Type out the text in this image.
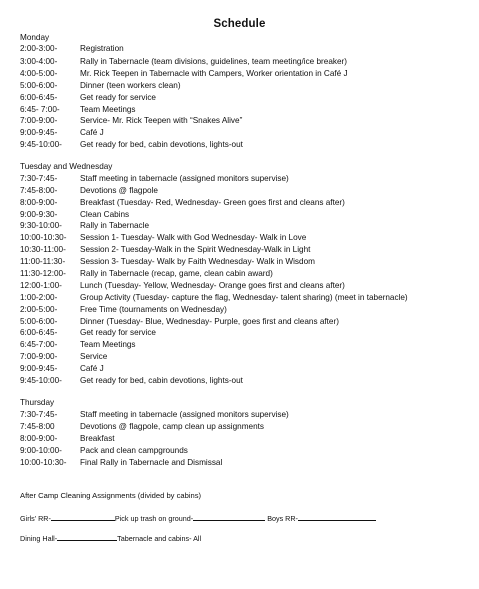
Schedule
Monday
After Camp Cleaning Assignments (divided by cabins)
Girls’ RR-	Pick up trash on ground-	Boys RR-
Dining Hall-	Tabernacle and cabins- All
2:00-3:00-	Registration
3:00-4:00-	Rally in Tabernacle (team divisions, guidelines, team meeting/ice breaker)
4:00-5:00-	Mr. Rick Teepen in Tabernacle with Campers, Worker orientation in Café J
5:00-6:00-	Dinner (teen workers clean)
6:00-6:45-	Get ready for service
6:45- 7:00- Team Meetings
7:00-9:00-	Service- Mr. Rick Teepen with “Snakes Alive”
9:00-9:45-	Café J
9:45-10:00- Get ready for bed, cabin devotions, lights-out
Tuesday and Wednesday
7:30-7:45-	Staff meeting in tabernacle (assigned monitors supervise)
7:45-8:00-	Devotions @ flagpole
8:00-9:00-	Breakfast (Tuesday- Red, Wednesday- Green goes first and cleans after)
9:00-9:30-	Clean Cabins
9:30-10:00- Rally in Tabernacle
10:00-10:30- Session 1- Tuesday- Walk with God Wednesday- Walk in Love
10:30-11:00- Session 2- Tuesday-Walk in the Spirit Wednesday-Walk in Light
11:00-11:30- Session 3- Tuesday- Walk by Faith Wednesday- Walk in Wisdom
11:30-12:00- Rally in Tabernacle (recap, game, clean cabin award)
12:00-1:00- Lunch (Tuesday- Yellow, Wednesday- Orange goes first and cleans after)
1:00-2:00-	Group Activity (Tuesday- capture the flag, Wednesday- talent sharing) (meet in tabernacle)
2:00-5:00-	Free Time (tournaments on Wednesday)
5:00-6:00-	Dinner (Tuesday- Blue, Wednesday- Purple, goes first and cleans after)
6:00-6:45-	Get ready for service
6:45-7:00-	Team Meetings
7:00-9:00-	Service
9:00-9:45-	Café J
9:45-10:00- Get ready for bed, cabin devotions, lights-out
Thursday
7:30-7:45-	Staff meeting in tabernacle (assigned monitors supervise)
7:45-8:00	Devotions @ flagpole, camp clean up assignments
8:00-9:00-	Breakfast
9:00-10:00- Pack and clean campgrounds
10:00-10:30- Final Rally in Tabernacle and Dismissal
